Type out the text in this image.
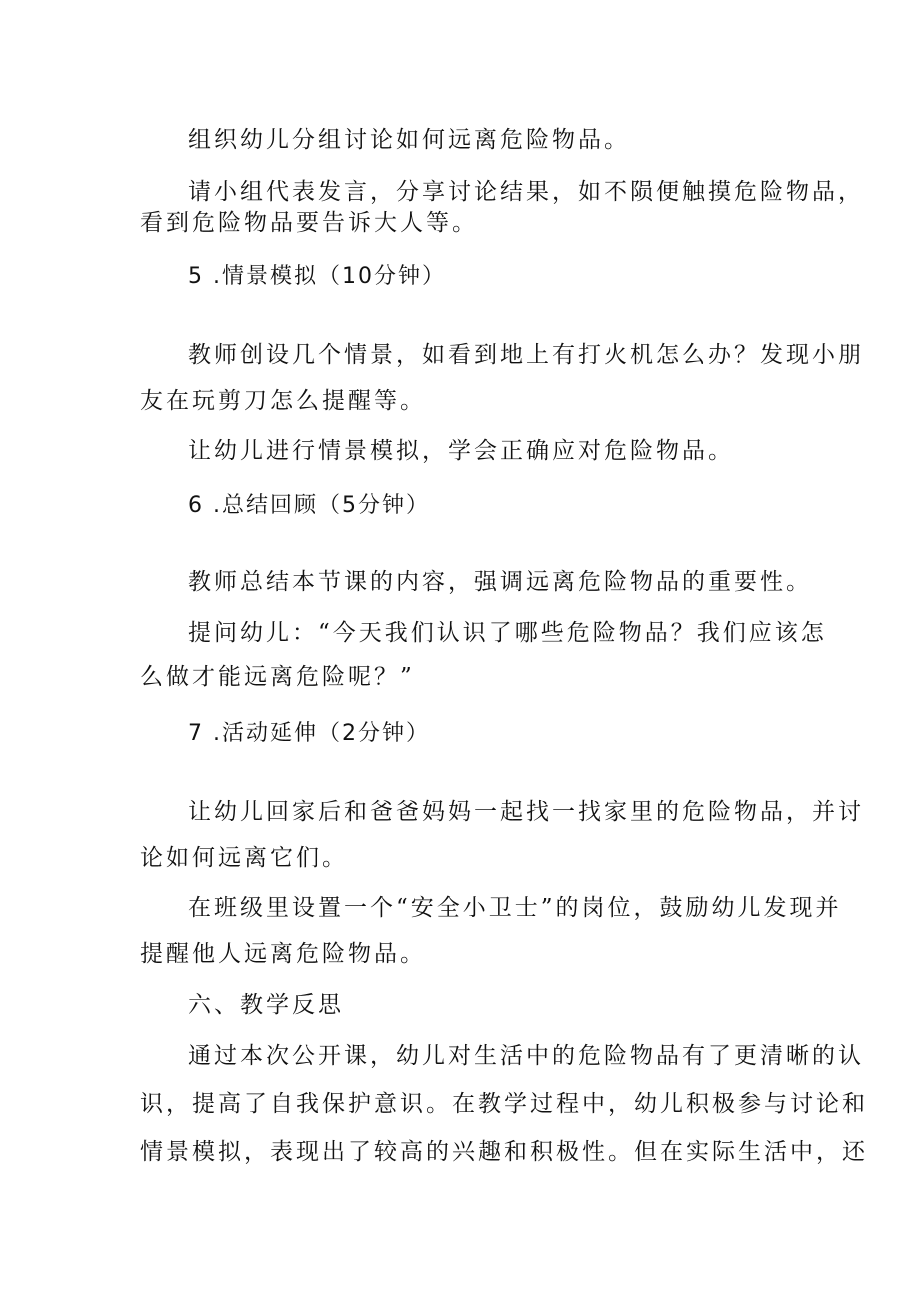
组织幼儿分组讨论如何远离危险物品。
请小组代表发言，分享讨论结果，如不陨便触摸危险物品，
看到危险物品要告诉大人等。
5 .情景模拟（10分钟）
教师创设几个情景，如看到地上有打火机怎么办？发现小朋
友在玩剪刀怎么提醒等。
让幼儿进行情景模拟，学会正确应对危险物品。
6 .总结回顾（5分钟）
教师总结本节课的内容，强调远离危险物品的重要性。
提问幼儿：“今天我们认识了哪些危险物品？我们应该怎
么做才能远离危险呢？”
7 .活动延伸（2分钟）
让幼儿回家后和爸爸妈妈一起找一找家里的危险物品，并讨
论如何远离它们。
在班级里设置一个“安全小卫士”的岗位，鼓励幼儿发现并
提醒他人远离危险物品。
六、教学反思
通过本次公开课，幼儿对生活中的危险物品有了更清晰的认
识，提高了自我保护意识。在教学过程中，幼儿积极参与讨论和
情景模拟，表现出了较高的兴趣和积极性。但在实际生活中，还
